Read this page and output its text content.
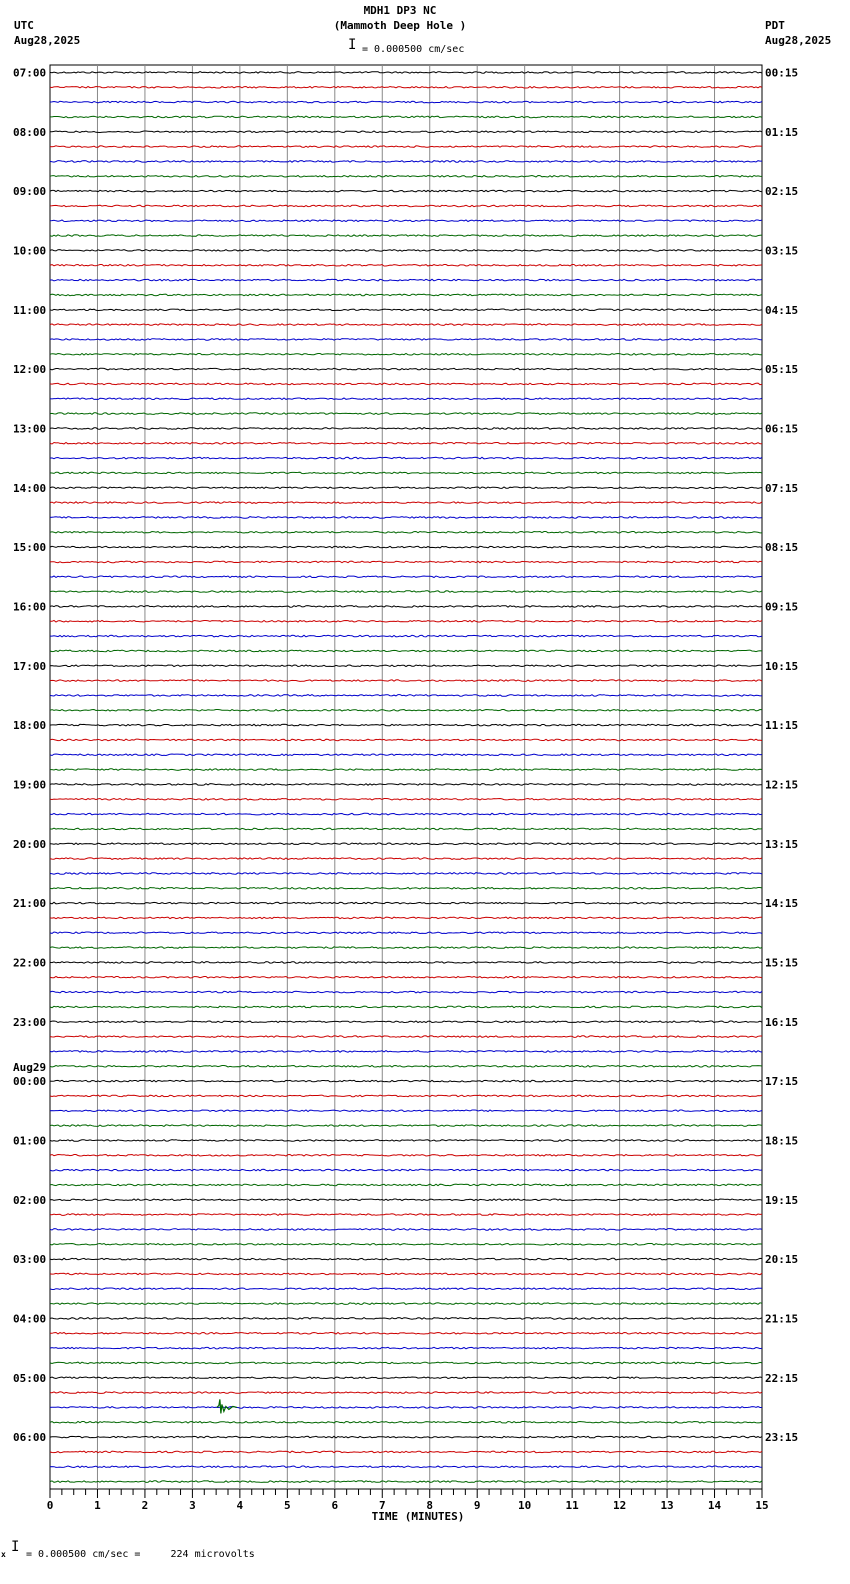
MDH1 DP3 NC
(Mammoth Deep Hole )
I = 0.000500 cm/sec
UTC
Aug28,2025
PDT
Aug28,2025
07:00	00:15
08:00	01:15
09:00	02:15
10:00	03:15
11:00	04:15
12:00	05:15
13:00	06:15
14:00	07:15
15:00	08:15
16:00	09:15
17:00	10:15
18:00	11:15
19:00	12:15
20:00	13:15
21:00	14:15
22:00	15:15
23:00	16:15
00:00	17:15
Aug29
01:00	18:15
02:00	19:15
03:00	20:15
04:00	21:15
05:00	22:15
06:00	23:15
0	1	2	3	4	5	6	7	8	9	10	11	12	13	14	15
TIME (MINUTES)
x I = 0.000500 cm/sec =     224 microvolts
